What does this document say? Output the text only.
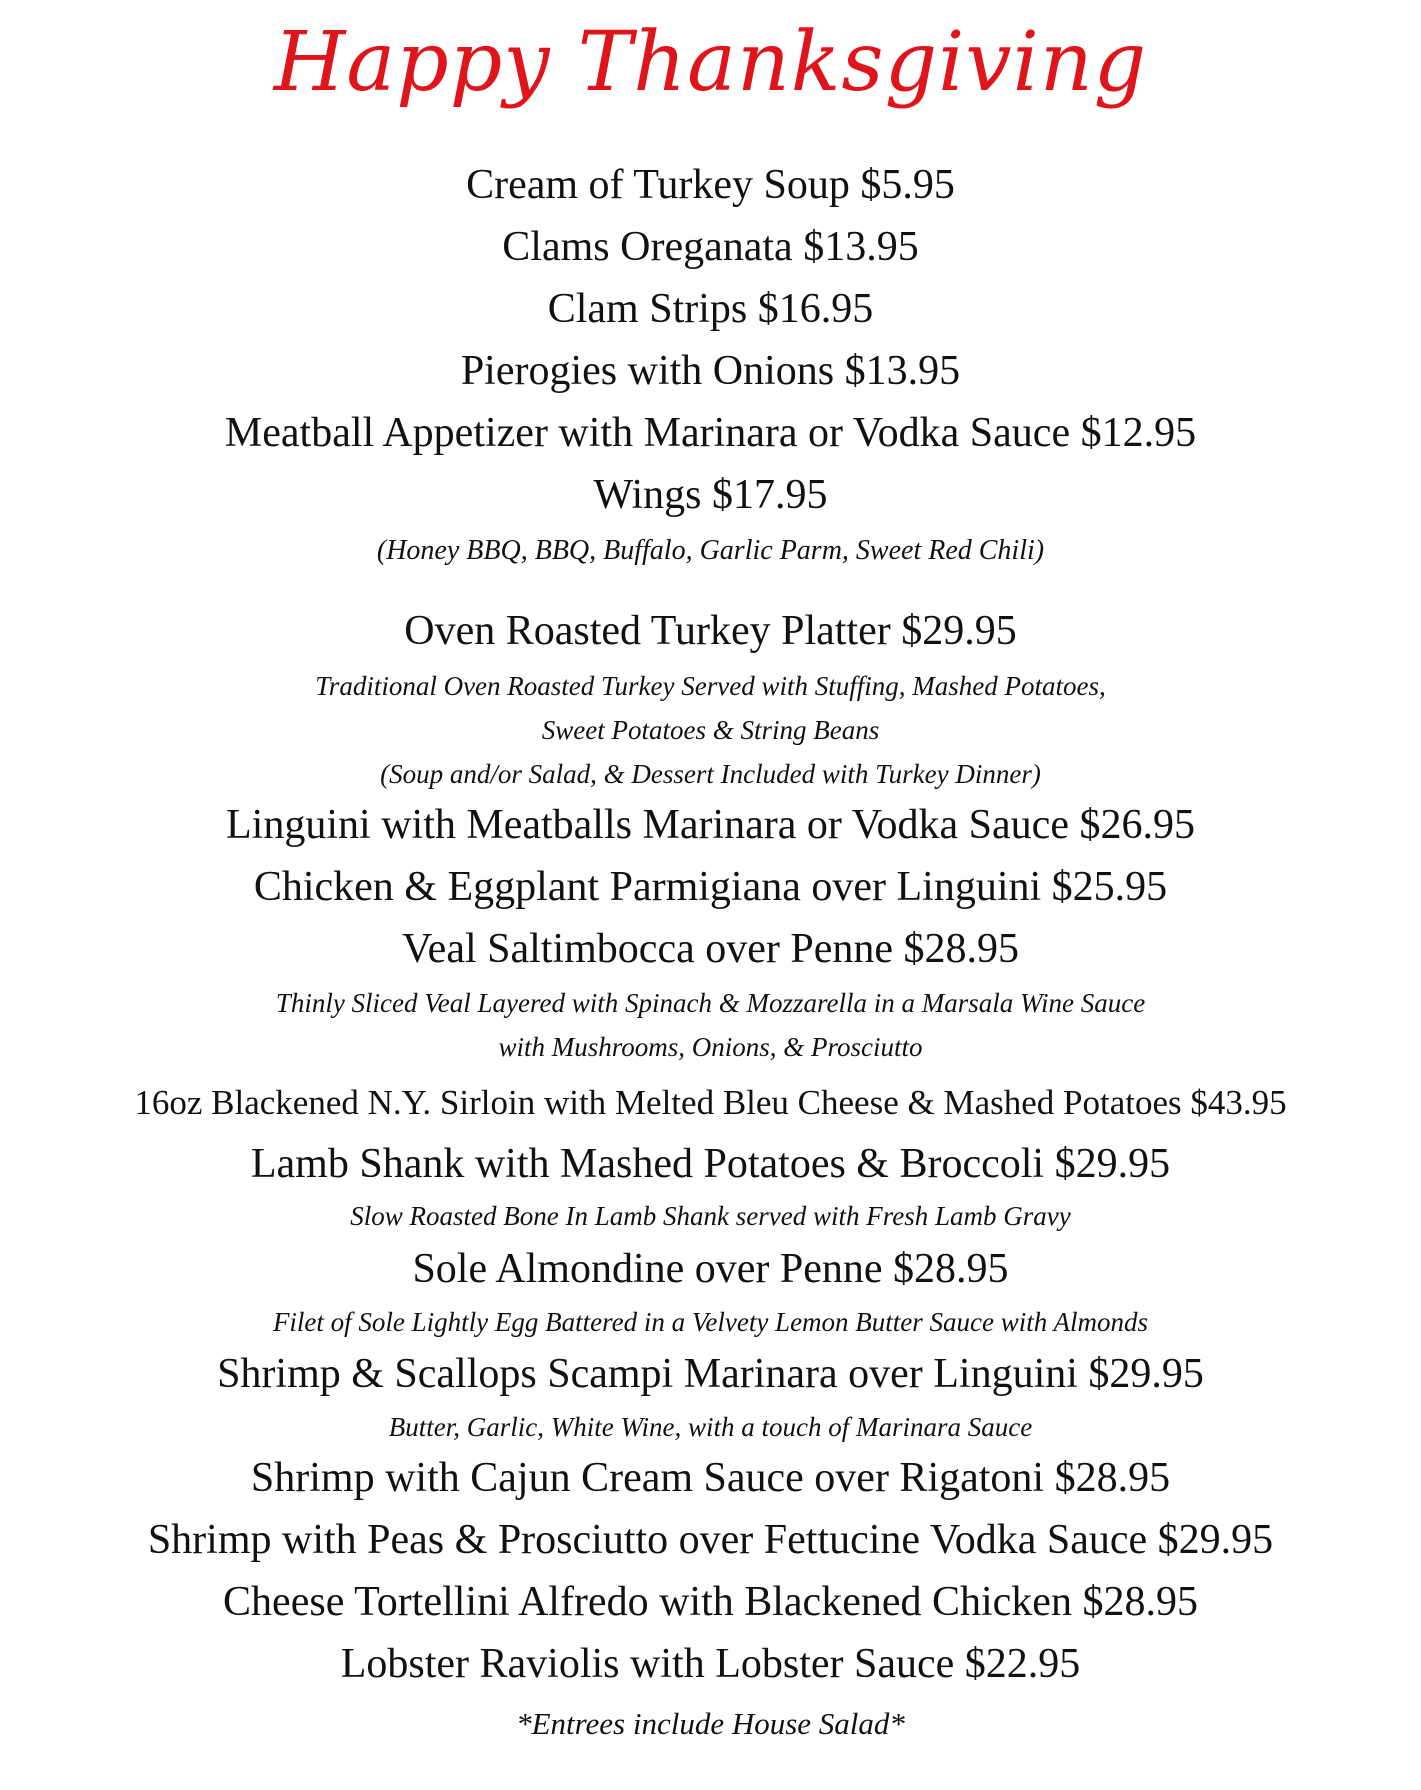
Happy Thanksgiving
Cream of Turkey Soup $5.95
Clams Oreganata $13.95
Clam Strips $16.95
Pierogies with Onions $13.95
Meatball Appetizer with Marinara or Vodka Sauce $12.95
Wings $17.95
(Honey BBQ, BBQ, Buffalo, Garlic Parm, Sweet Red Chili)
Oven Roasted Turkey Platter $29.95
Traditional Oven Roasted Turkey Served with Stuffing, Mashed Potatoes,
Sweet Potatoes & String Beans
(Soup and/or Salad, & Dessert Included with Turkey Dinner)
Linguini with Meatballs Marinara or Vodka Sauce $26.95
Chicken & Eggplant Parmigiana over Linguini $25.95
Veal Saltimbocca over Penne $28.95
Thinly Sliced Veal Layered with Spinach & Mozzarella in a Marsala Wine Sauce
with Mushrooms, Onions, & Prosciutto
16oz Blackened N.Y. Sirloin with Melted Bleu Cheese & Mashed Potatoes $43.95
Lamb Shank with Mashed Potatoes & Broccoli $29.95
Slow Roasted Bone In Lamb Shank served with Fresh Lamb Gravy
Sole Almondine over Penne $28.95
Filet of Sole Lightly Egg Battered in a Velvety Lemon Butter Sauce with Almonds
Shrimp & Scallops Scampi Marinara over Linguini $29.95
Butter, Garlic, White Wine, with a touch of Marinara Sauce
Shrimp with Cajun Cream Sauce over Rigatoni $28.95
Shrimp with Peas & Prosciutto over Fettucine Vodka Sauce $29.95
Cheese Tortellini Alfredo with Blackened Chicken $28.95
Lobster Raviolis with Lobster Sauce $22.95
*Entrees include House Salad*
